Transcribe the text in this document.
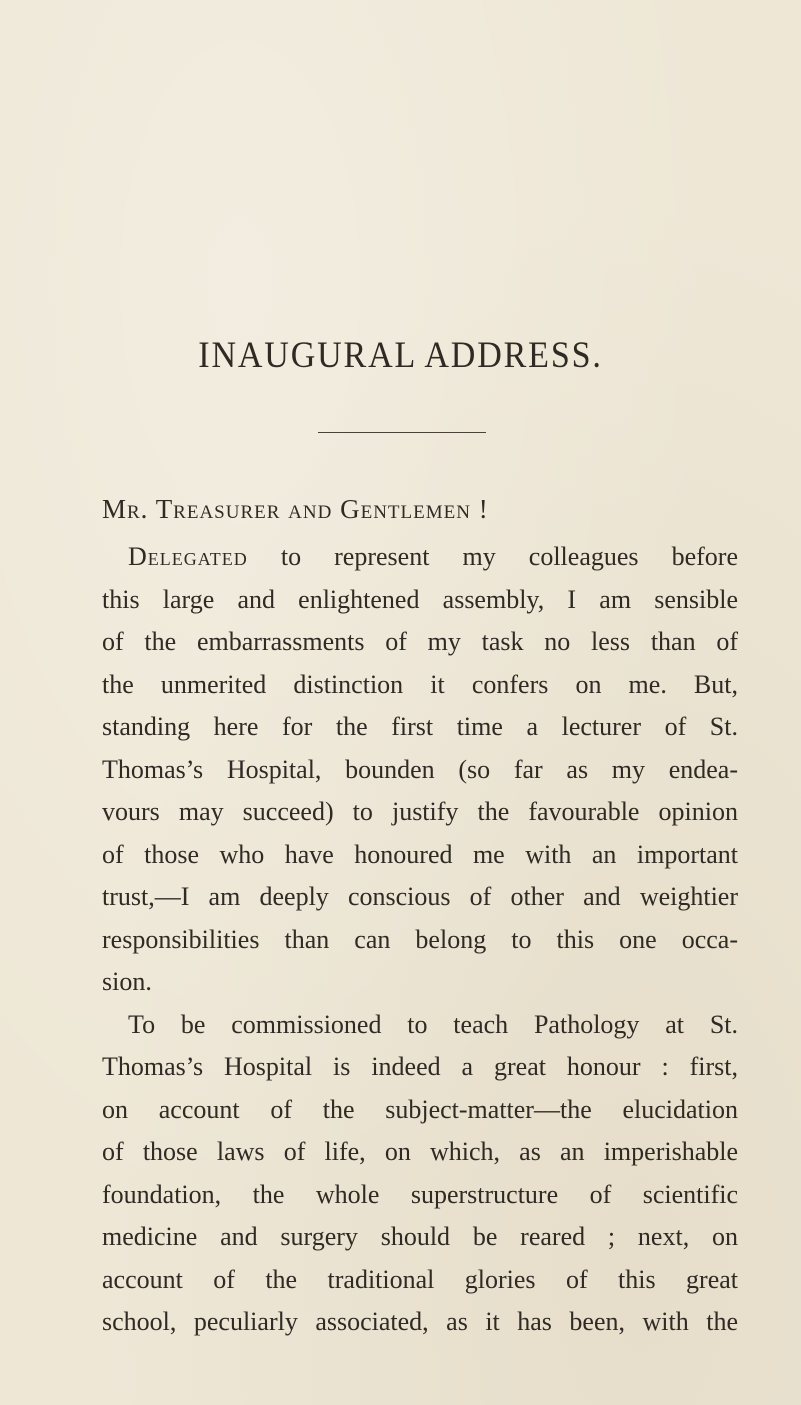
INAUGURAL ADDRESS.

Mr. Treasurer and Gentlemen !

Delegated to represent my colleagues before
this large and enlightened assembly, I am sensible
of the embarrassments of my task no less than of
the unmerited distinction it confers on me. But,
standing here for the first time a lecturer of St.
Thomas’s Hospital, bounden (so far as my endea-
vours may succeed) to justify the favourable opinion
of those who have honoured me with an important
trust,—I am deeply conscious of other and weightier
responsibilities than can belong to this one occa-
sion.
To be commissioned to teach Pathology at St.
Thomas’s Hospital is indeed a great honour : first,
on account of the subject-matter—the elucidation
of those laws of life, on which, as an imperishable
foundation, the whole superstructure of scientific
medicine and surgery should be reared ; next, on
account of the traditional glories of this great
school, peculiarly associated, as it has been, with the
